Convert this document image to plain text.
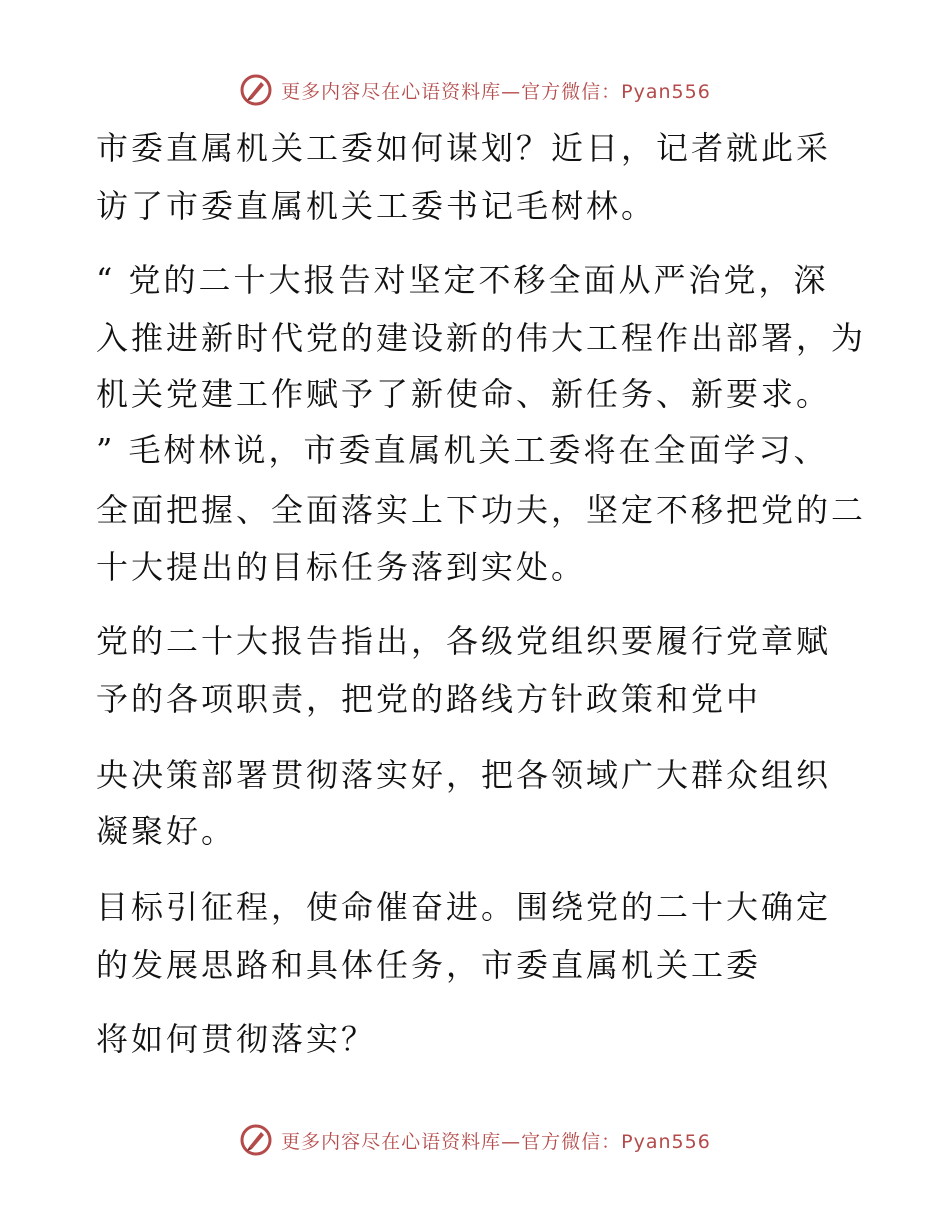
更多内容尽在心语资料库—官方微信：Pyan556
市委直属机关工委如何谋划？近日，记者就此采
访了市委直属机关工委书记毛树林。
“ 党的二十大报告对坚定不移全面从严治党，深
入推进新时代党的建设新的伟大工程作出部署，为
机关党建工作赋予了新使命、新任务、新要求。
” 毛树林说，市委直属机关工委将在全面学习、
全面把握、全面落实上下功夫，坚定不移把党的二
十大提出的目标任务落到实处。
党的二十大报告指出，各级党组织要履行党章赋
予的各项职责，把党的路线方针政策和党中
央决策部署贯彻落实好，把各领域广大群众组织
凝聚好。
目标引征程，使命催奋进。围绕党的二十大确定
的发展思路和具体任务，市委直属机关工委
将如何贯彻落实？
更多内容尽在心语资料库—官方微信：Pyan556
